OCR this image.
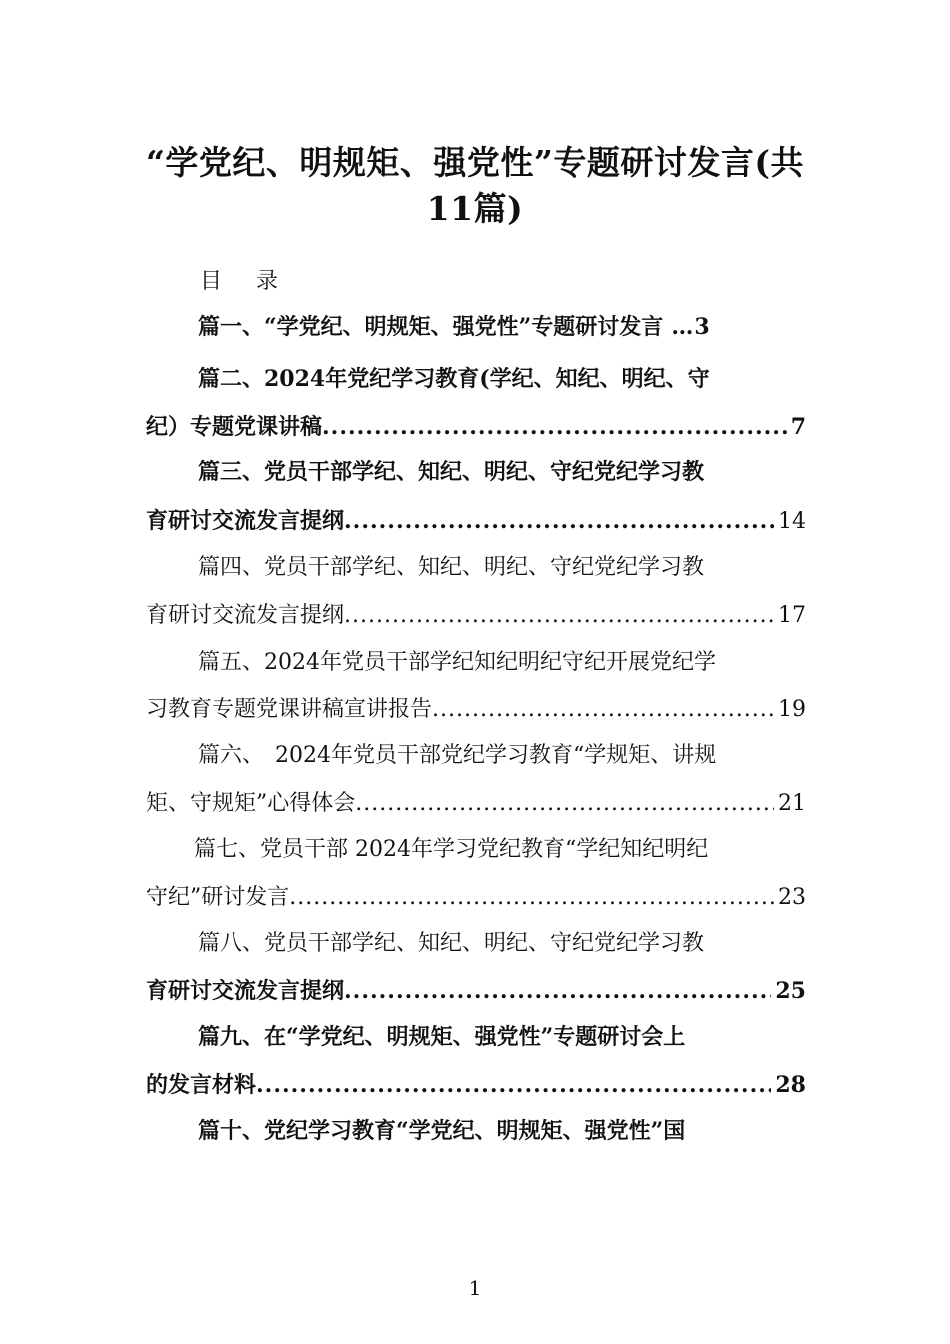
“学党纪、明规矩、强党性”专题研讨发言(共
11篇)
目 录
篇一、“学党纪、明规矩、强党性”专题研讨发言 … 3
篇二、2024年党纪学习教育(学纪、知纪、明纪、守
纪）专题党课讲稿 .....	7
篇三、党员干部学纪、知纪、明纪、守纪党纪学习教
育研讨交流发言提纲 .....	14
篇四、党员干部学纪、知纪、明纪、守纪党纪学习教
育研讨交流发言提纲 .....	17
篇五、2024年党员干部学纪知纪明纪守纪开展党纪学
习教育专题党课讲稿宣讲报告 .....	19
篇六、　2024年党员干部党纪学习教育“学规矩、讲规
矩、守规矩”心得体会 .....	21
篇七、党员干部 2024年学习党纪教育“学纪知纪明纪
守纪”研讨发言 .....	23
篇八、党员干部学纪、知纪、明纪、守纪党纪学习教
育研讨交流发言提纲 .....	25
篇九、在“学党纪、明规矩、强党性”专题研讨会上
的发言材料 .....	28
篇十、党纪学习教育“学党纪、明规矩、强党性”国
1
